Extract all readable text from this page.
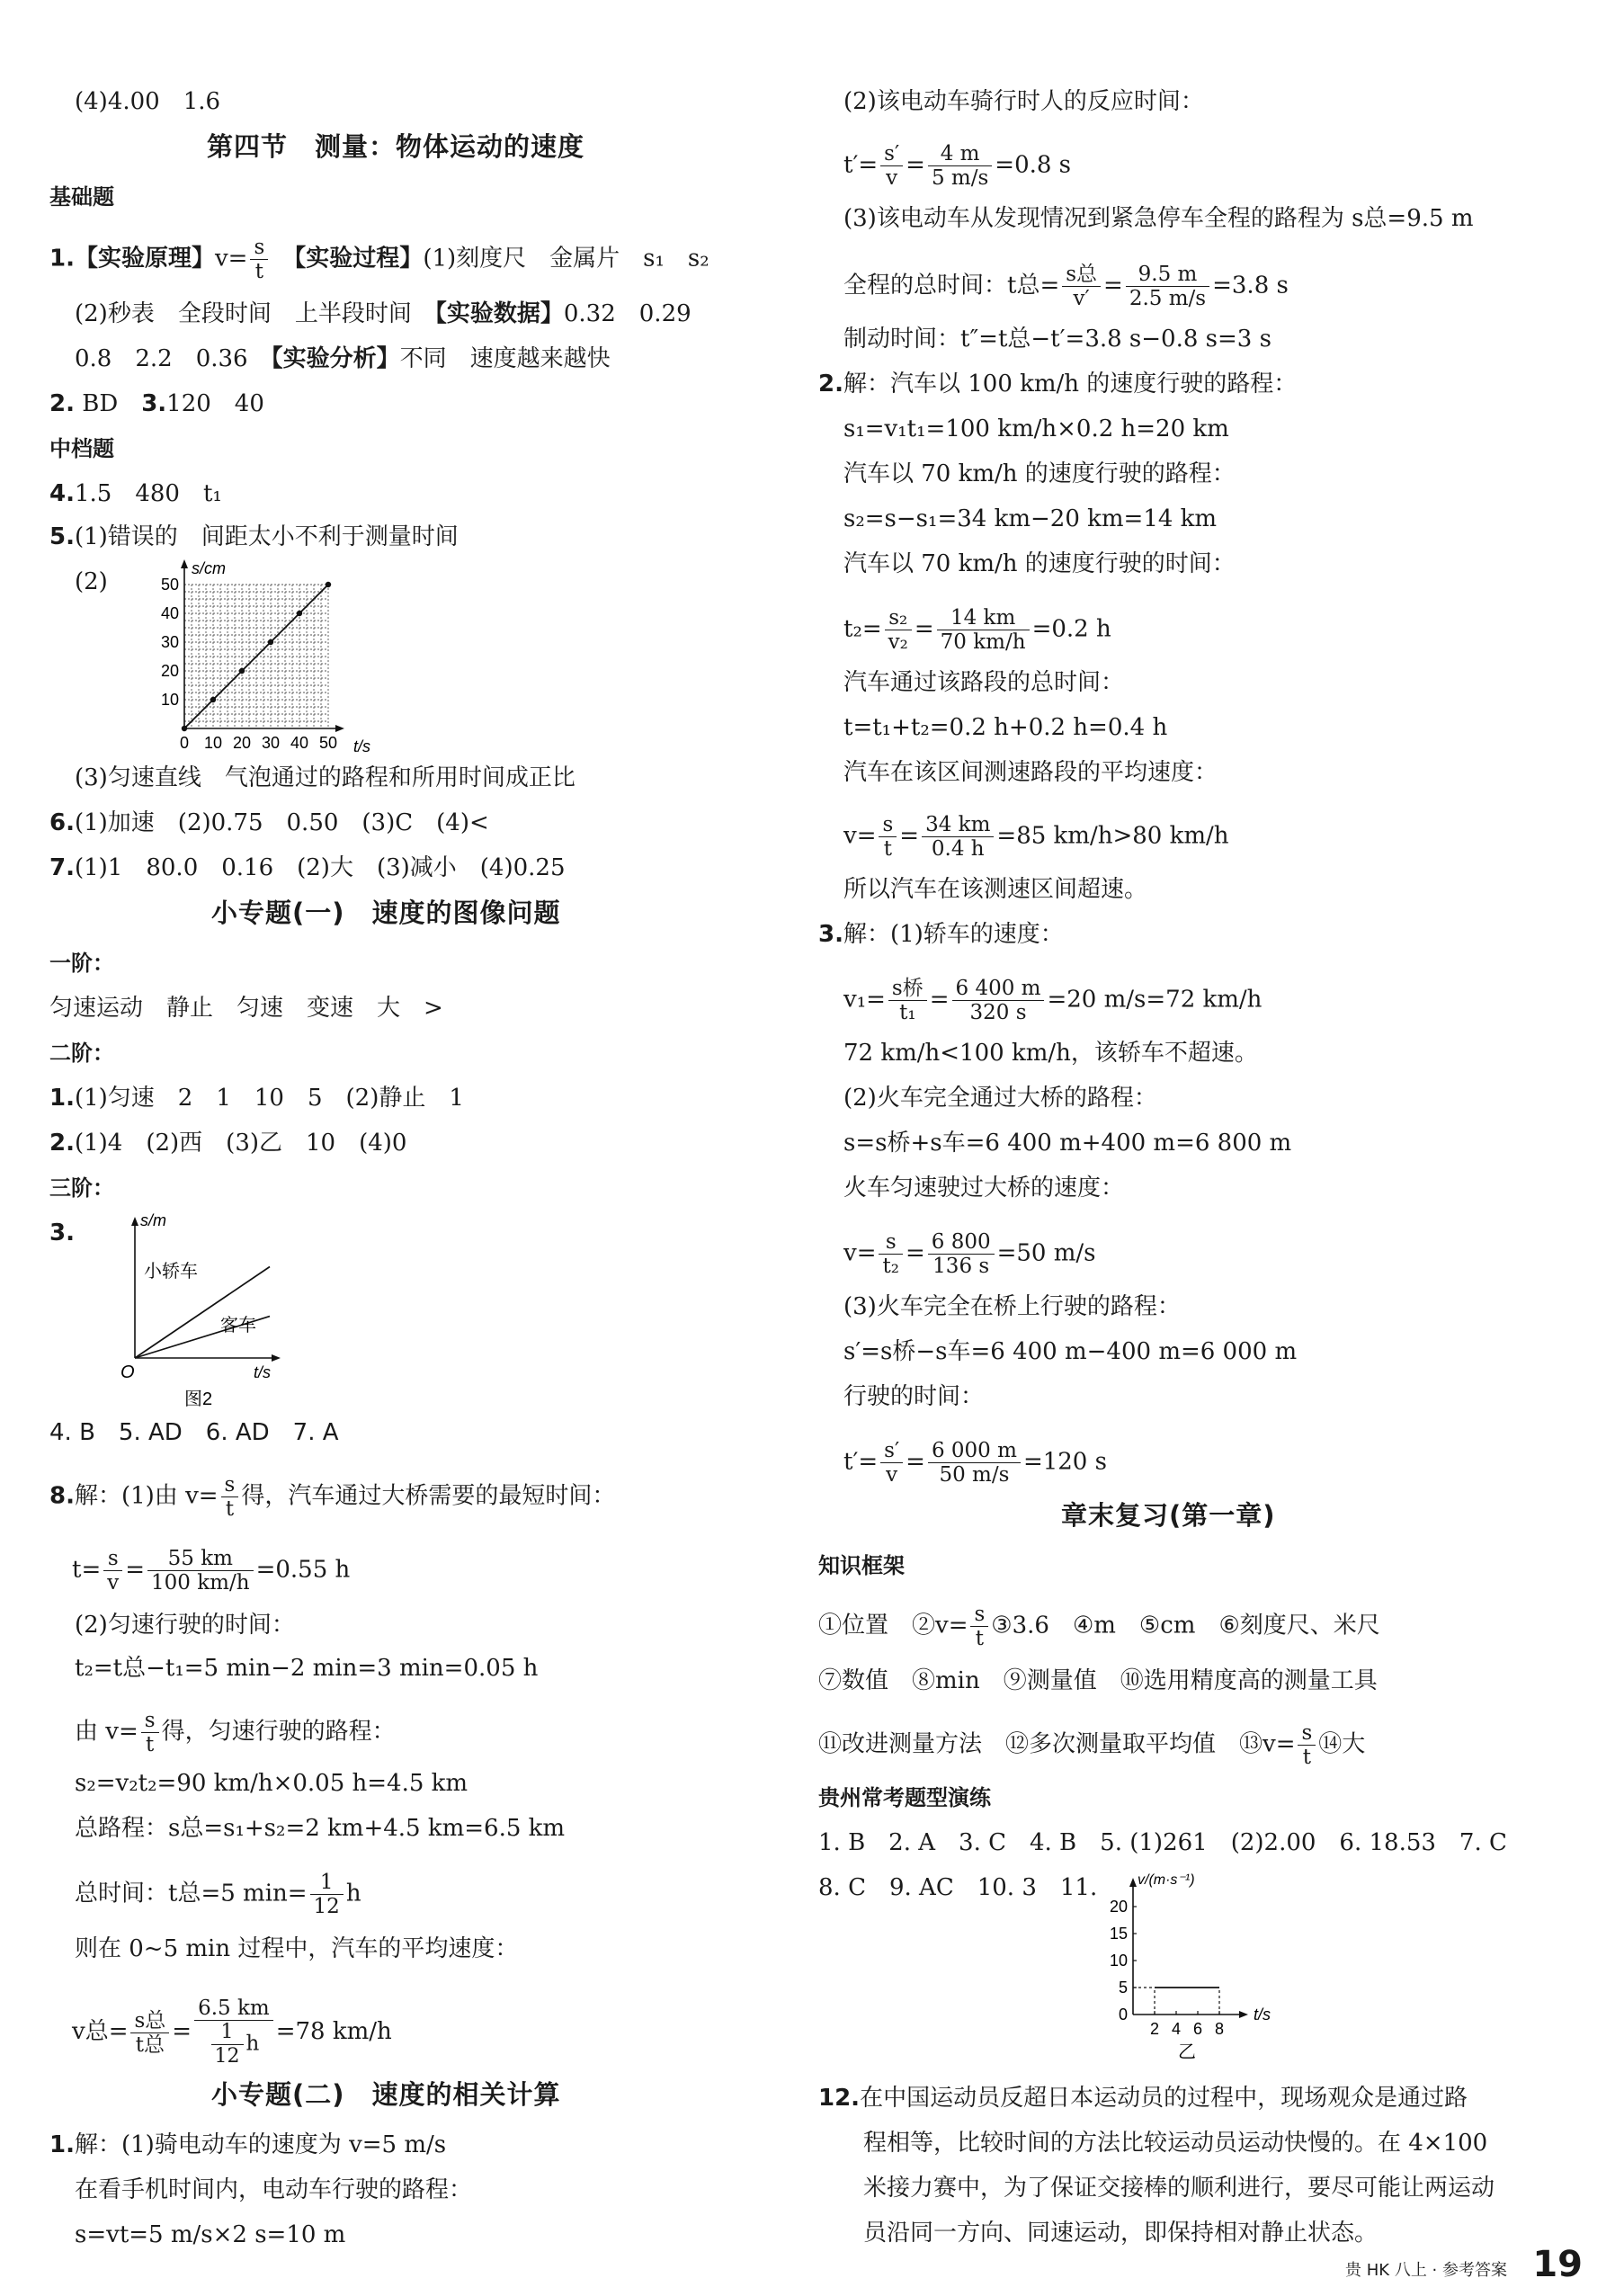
(4)4.00　1.6
第四节　测量：物体运动的速度
基础题
1.【实验原理】$v= \frac{s}{t}$
　 【实验过程】(1)刻度尺　金属片　s₁　s₂
(2)秒表　全段时间　上半段时间　 【实验数据】0.32　0.29
0.8　2.2　0.36　 【实验分析】不同　速度越来越快
2. BD　 3.120　40
中档题
4.1.5　480　t₁
5.(1)错误的　间距太小不利于测量时间
(2)
0 10 20 30 40 50
10
20
30
40
50
s/cm
t/s
(3)匀速直线　气泡通过的路程和所用时间成正比
6.(1)加速　(2)0.75　0.50　(3)C　(4)<
7.(1)1　80.0　0.16　(2)大　(3)减小　(4)0.25
小专题(一)　速度的图像问题
一阶：
匀速运动　静止　匀速　变速　大　>
二阶：
1.(1)匀速　2　1　10　5　(2)静止　1
2.(1)4　(2)西　(3)乙　10　(4)0
三阶：
3.	s/m
t/s
O
小轿车
客车
图2
4. B　5. AD　6. AD　7. A
8.解：(1)由 $v= \frac{s}{t}$ 得，汽车通过大桥需要的最短时间：
$t= \frac{s}{v} = \frac{55 km}{100 km/h} =0.55$ h
(2)匀速行驶的时间：
t₂=t总−t₁=5 min−2 min=3 min=0.05 h
由 $v= \frac{s}{t}$ 得，匀速行驶的路程：
s₂=v₂t₂=90 km/h×0.05 h=4.5 km
总路程：s总=s₁+s₂=2 km+4.5 km=6.5 km
总时间：t总=5 $\min= \frac{1}{12}$ h
则在 0~5 min 过程中，汽车的平均速度：
v总= $\frac{\text{s总}}{\text{t总}} = \frac{6.5 km}{\frac{1}{12} h} =78$ km/h
小专题(二)　速度的相关计算
1.解：(1)骑电动车的速度为 v=5 m/s
在看手机时间内，电动车行驶的路程：
s=vt=5 m/s×2 s=10 m
(2)该电动车骑行时人的反应时间：
$t'= \frac{s'}{v} = \frac{4 m}{5 m/s} =0.8$ s
(3)该电动车从发现情况到紧急停车全程的路程为 s总=9.5 m
全程的总时间：t总= $\frac{\text{s总}}{v'} = \frac{9.5 m}{2.5 m/s} =3.8$ s
制动时间：t″=t总−t′=3.8 s−0.8 s=3 s
2.解：汽车以 100 km/h 的速度行驶的路程：
s₁=v₁t₁=100 km/h×0.2 h=20 km
汽车以 70 km/h 的速度行驶的路程：
s₂=s−s₁=34 km−20 km=14 km
汽车以 70 km/h 的速度行驶的时间：
$t_2= \frac{\text{s₂}}{\text{v₂}} = \frac{14 km}{70 km/h} =0.2$ h
汽车通过该路段的总时间：
t=t₁+t₂=0.2 h+0.2 h=0.4 h
汽车在该区间测速路段的平均速度：
$v= \frac{s}{t} = \frac{34 km}{0.4 h} =85$ km/h>80 km/h
所以汽车在该测速区间超速。
3.解：(1)轿车的速度：
$v_1= \frac{\text{s桥}}{\text{t₁}} = \frac{6 400 m}{320 s} =20$ m/s=72 km/h
72 km/h<100 km/h，该轿车不超速。
(2)火车完全通过大桥的路程：
s=s桥+s车=6 400 m+400 m=6 800 m
火车匀速驶过大桥的速度：
$v= \frac{s}{\text{t₂}} = \frac{6 800}{136 s} =50$ m/s
(3)火车完全在桥上行驶的路程：
s′=s桥−s车=6 400 m−400 m=6 000 m
行驶的时间：
$t'= \frac{s'}{v} = \frac{6 000 m}{50 m/s} =120$ s
章末复习(第一章)
知识框架
①位置　②v= $\frac{s}{t}$ ③3.6　④m　⑤cm　⑥刻度尺、米尺
⑦数值　⑧min　⑨测量值　⑩选用精度高的测量工具
⑪改进测量方法　⑫多次测量取平均值　⑬v= $\frac{s}{t}$ ⑭大
贵州常考题型演练
1. B　2. A　3. C　4. B　5. (1)261　(2)2.00　6. 18.53　7. C
8. C　9. AC　10. 3　11.	v/(m·s⁻¹)
t/s
0
5
10
15
20
2 4 6 8
乙
12.在中国运动员反超日本运动员的过程中，现场观众是通过路
程相等，比较时间的方法比较运动员运动快慢的。在 4×100
米接力赛中，为了保证交接棒的顺利进行，要尽可能让两运动
员沿同一方向、同速运动，即保持相对静止状态。
贵 HK 八上 · 参考答案 19
